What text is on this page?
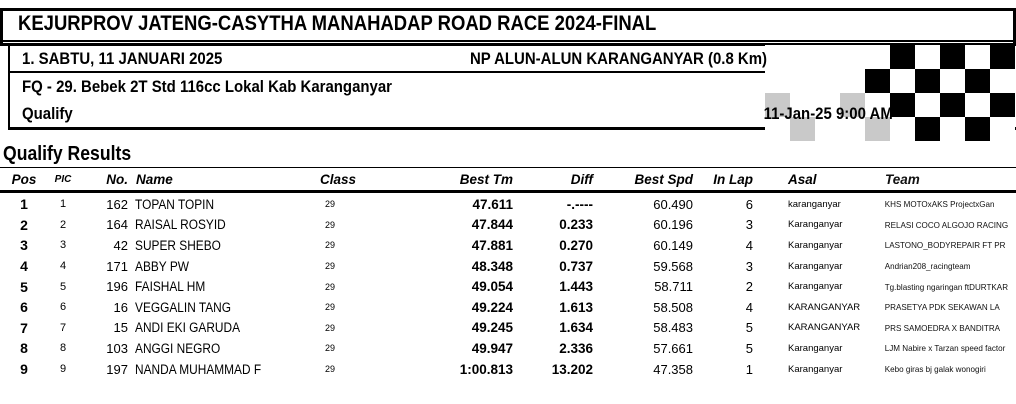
KEJURPROV JATENG-CASYTHA MANAHADAP ROAD RACE 2024-FINAL
1. SABTU, 11 JANUARI 2025	NP ALUN-ALUN KARANGANYAR (0.8 Km)
FQ - 29. Bebek 2T Std 116cc Lokal Kab Karanganyar
Qualify	11-Jan-25 9:00 AM
Qualify Results
Pos	PIC	No. Name	Class	Best Tm	Diff	Best Spd	In Lap	Asal	Team
1	1	162 TOPAN TOPIN	29	47.611	-.----	60.490	6	karanganyar	KHS MOTOxAKS ProjectxGan
2	2	164 RAISAL ROSYID	29	47.844	0.233	60.196	3	Karanganyar	RELASI COCO ALGOJO RACING
3	3	42 SUPER SHEBO	29	47.881	0.270	60.149	4	Karanganyar	LASTONO_BODYREPAIR FT PR
4	4	171 ABBY PW	29	48.348	0.737	59.568	3	Karanganyar	Andrian208_racingteam
5	5	196 FAISHAL HM	29	49.054	1.443	58.711	2	Karanganyar	Tg.blasting ngaringan ftDURTKAR
6	6	16 VEGGALIN TANG	29	49.224	1.613	58.508	4	KARANGANYAR	PRASETYA PDK SEKAWAN LA
7	7	15 ANDI EKI GARUDA	29	49.245	1.634	58.483	5	KARANGANYAR	PRS SAMOEDRA X BANDITRA
8	8	103 ANGGI NEGRO	29	49.947	2.336	57.661	5	Karanganyar	LJM Nabire x Tarzan speed factor
9	9	197 NANDA MUHAMMAD F	29	1:00.813	13.202	47.358	1	Karanganyar	Kebo giras bj galak wonogiri
